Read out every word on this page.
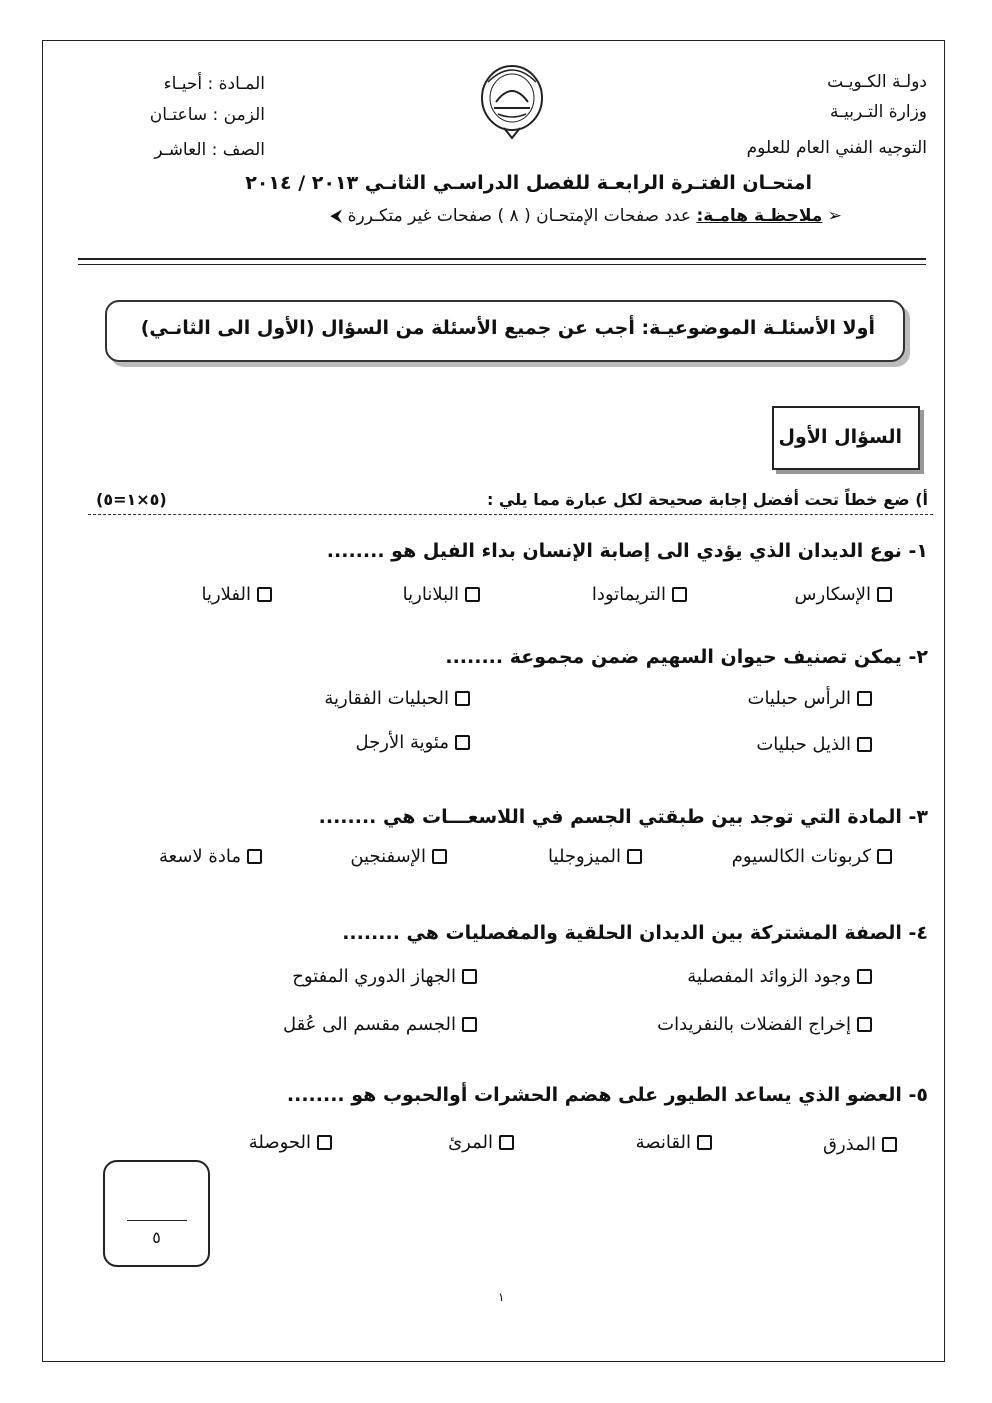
دولـة الكـويـت
وزارة التـربيـة
التوجيه الفني العام للعلوم
المـادة : أحيـاء
الزمن : ساعتـان
الصف : العاشـر
امتحـان الفتـرة الرابعـة للفصل الدراسـي الثانـي ٢٠١٣ / ٢٠١٤
➢ ملاحظـة هامـة: عدد صفحات الإمتحـان ( ٨ ) صفحات غير متكـررة ⮜
أولا الأسئلـة الموضوعيـة: أجب عن جميع الأسئلة من السؤال (الأول الى الثانـي)
السؤال الأول
أ) ضع خطاً تحت أفضل إجابة صحيحة لكل عبارة مما يلي :
(٥×١=٥)
١- نوع الديدان الذي يؤدي الى إصابة الإنسان بداء الفيل هو ........
الإسكارس
التريماتودا
البلاناريا
الفلاريا
٢- يمكن تصنيف حيوان السهيم ضمن مجموعة ........
الرأس حبليات
الحبليات الفقارية
الذيل حبليات
مئوية الأرجل
٣- المادة التي توجد بين طبقتي الجسم في اللاسعـــات هي ........
كربونات الكالسيوم
الميزوجليا
الإسفنجين
مادة لاسعة
٤- الصفة المشتركة بين الديدان الحلقية والمفصليات هي ........
وجود الزوائد المفصلية
الجهاز الدوري المفتوح
إخراج الفضلات بالنفريدات
الجسم مقسم الى عُقل
٥- العضو الذي يساعد الطيور على هضم الحشرات أوالحبوب هو ........
المذرق
القانصة
المرئ
الحوصلة
٥
١
